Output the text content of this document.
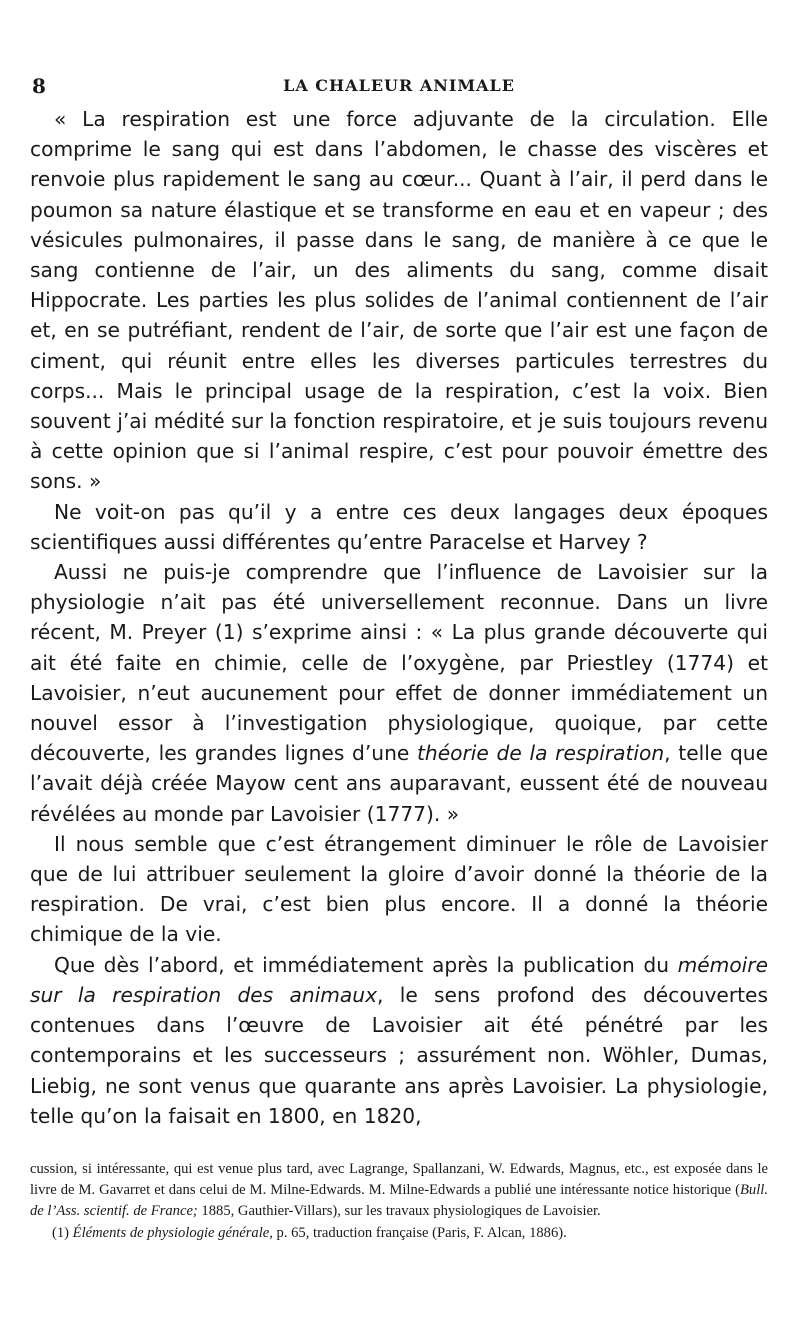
8	LA CHALEUR ANIMALE

« La respiration est une force adjuvante de la circulation. Elle comprime le sang qui est dans l’abdomen, le chasse des viscères et renvoie plus rapidement le sang au cœur... Quant à l’air, il perd dans le poumon sa nature élastique et se transforme en eau et en vapeur ; des vésicules pulmonaires, il passe dans le sang, de manière à ce que le sang contienne de l’air, un des aliments du sang, comme disait Hippocrate. Les parties les plus solides de l’animal contiennent de l’air et, en se putréfiant, rendent de l’air, de sorte que l’air est une façon de ciment, qui réunit entre elles les diverses particules terrestres du corps... Mais le principal usage de la respiration, c’est la voix. Bien souvent j’ai médité sur la fonction respiratoire, et je suis toujours revenu à cette opinion que si l’animal respire, c’est pour pouvoir émettre des sons. »

Ne voit-on pas qu’il y a entre ces deux langages deux époques scientifiques aussi différentes qu’entre Paracelse et Harvey ?

Aussi ne puis-je comprendre que l’influence de Lavoisier sur la physiologie n’ait pas été universellement reconnue. Dans un livre récent, M. Preyer (1) s’exprime ainsi : « La plus grande découverte qui ait été faite en chimie, celle de l’oxygène, par Priestley (1774) et Lavoisier, n’eut aucunement pour effet de donner immédiatement un nouvel essor à l’investigation physiologique, quoique, par cette découverte, les grandes lignes d’une théorie de la respiration, telle que l’avait déjà créée Mayow cent ans auparavant, eussent été de nouveau révélées au monde par Lavoisier (1777). »

Il nous semble que c’est étrangement diminuer le rôle de Lavoisier que de lui attribuer seulement la gloire d’avoir donné la théorie de la respiration. De vrai, c’est bien plus encore. Il a donné la théorie chimique de la vie.

Que dès l’abord, et immédiatement après la publication du mémoire sur la respiration des animaux, le sens profond des découvertes contenues dans l’œuvre de Lavoisier ait été pénétré par les contemporains et les successeurs ; assurément non. Wöhler, Dumas, Liebig, ne sont venus que quarante ans après Lavoisier. La physiologie, telle qu’on la faisait en 1800, en 1820,

cussion, si intéressante, qui est venue plus tard, avec Lagrange, Spallanzani, W. Edwards, Magnus, etc., est exposée dans le livre de M. Gavarret et dans celui de M. Milne-Edwards. M. Milne-Edwards a publié une intéressante notice historique (Bull. de l’Ass. scientif. de France; 1885, Gauthier-Villars), sur les travaux physiologiques de Lavoisier.

(1) Éléments de physiologie générale, p. 65, traduction française (Paris, F. Alcan, 1886).
